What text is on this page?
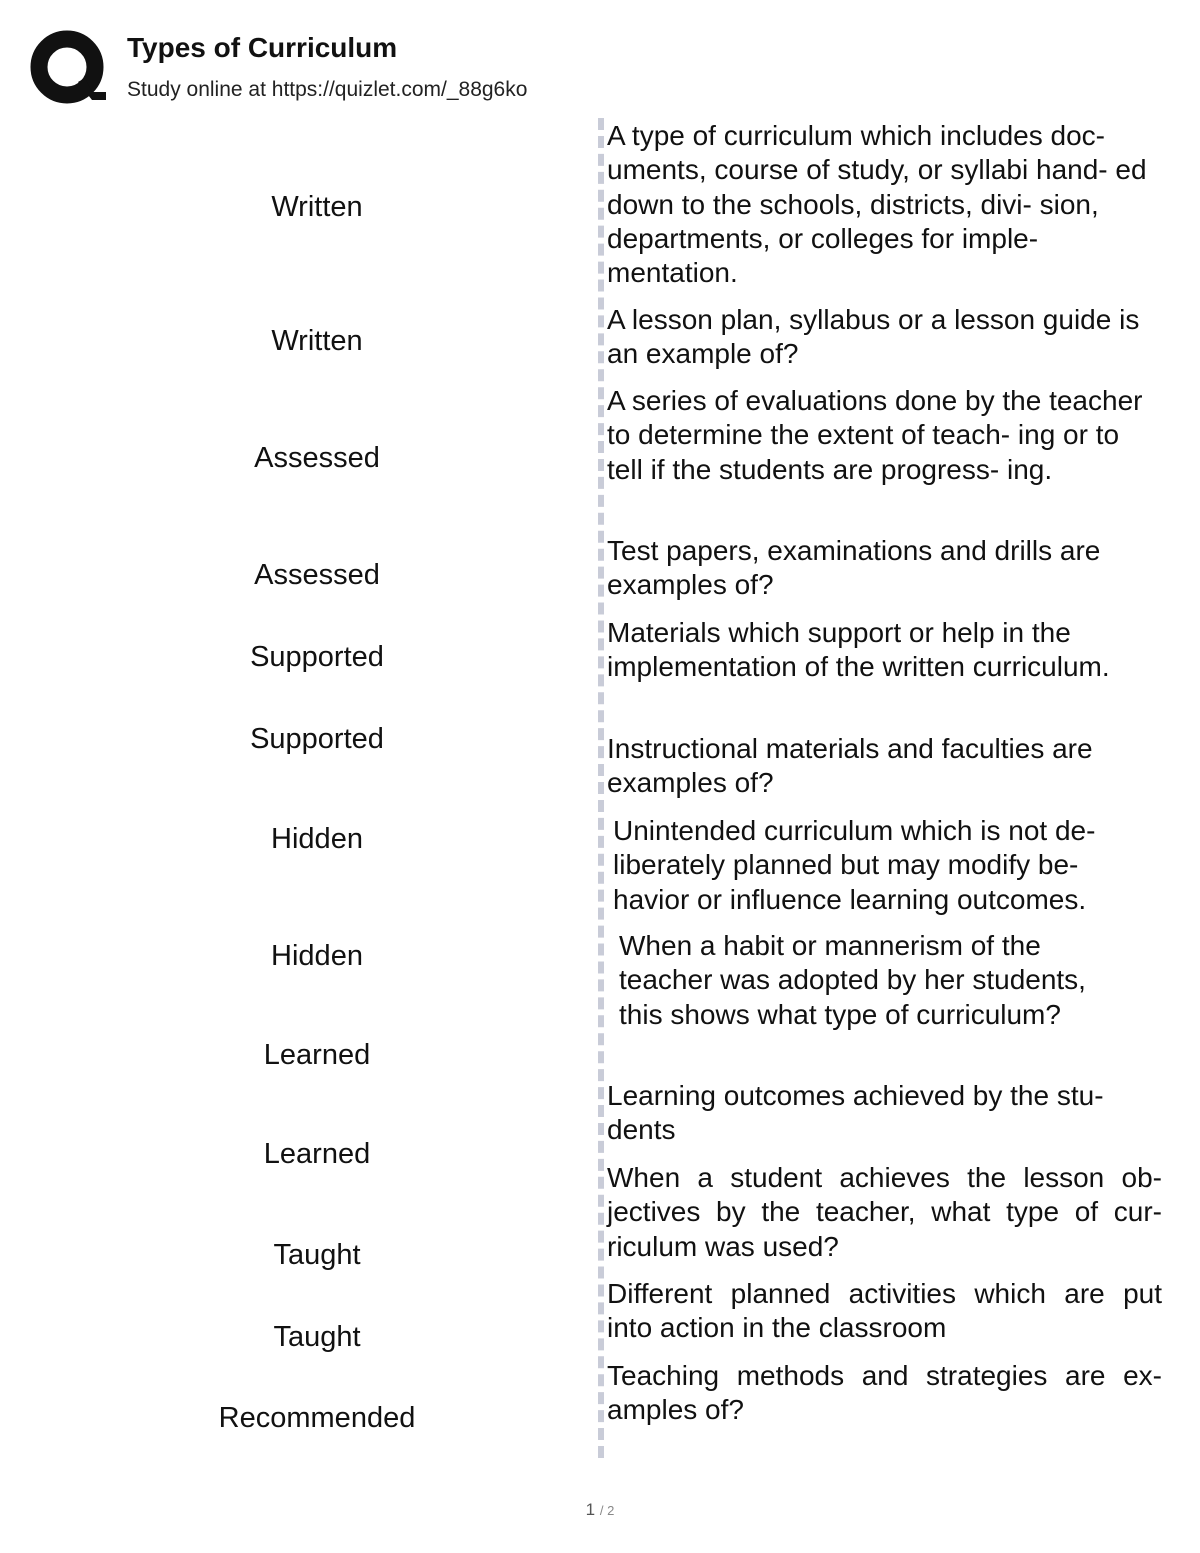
Types of Curriculum
Study online at https://quizlet.com/_88g6ko
Written
Written
Assessed
Assessed
Supported
Supported
Hidden
Hidden
Learned
Learned
Taught
Taught
Recommended
A type of curriculum which includes doc- uments, course of study, or syllabi hand- ed down to the schools, districts, divi- sion, departments, or colleges for imple- mentation.
A lesson plan, syllabus or a lesson guide is an example of?
A series of evaluations done by the teacher to determine the extent of teach- ing or to tell if the students are progress- ing.
Test papers, examinations and drills are examples of?
Materials which support or help in the implementation of the written curriculum.
Instructional materials and faculties are examples of?
Unintended curriculum which is not de- liberately planned but may modify be- havior or influence learning outcomes.
When a habit or mannerism of the teacher was adopted by her students, this shows what type of curriculum?
Learning outcomes achieved by the stu- dents
When a student achieves the lesson ob- jectives by the teacher, what type of cur- riculum was used?
Different planned activities which are put into action in the classroom
Teaching methods and strategies are ex- amples of?
1 / 2
